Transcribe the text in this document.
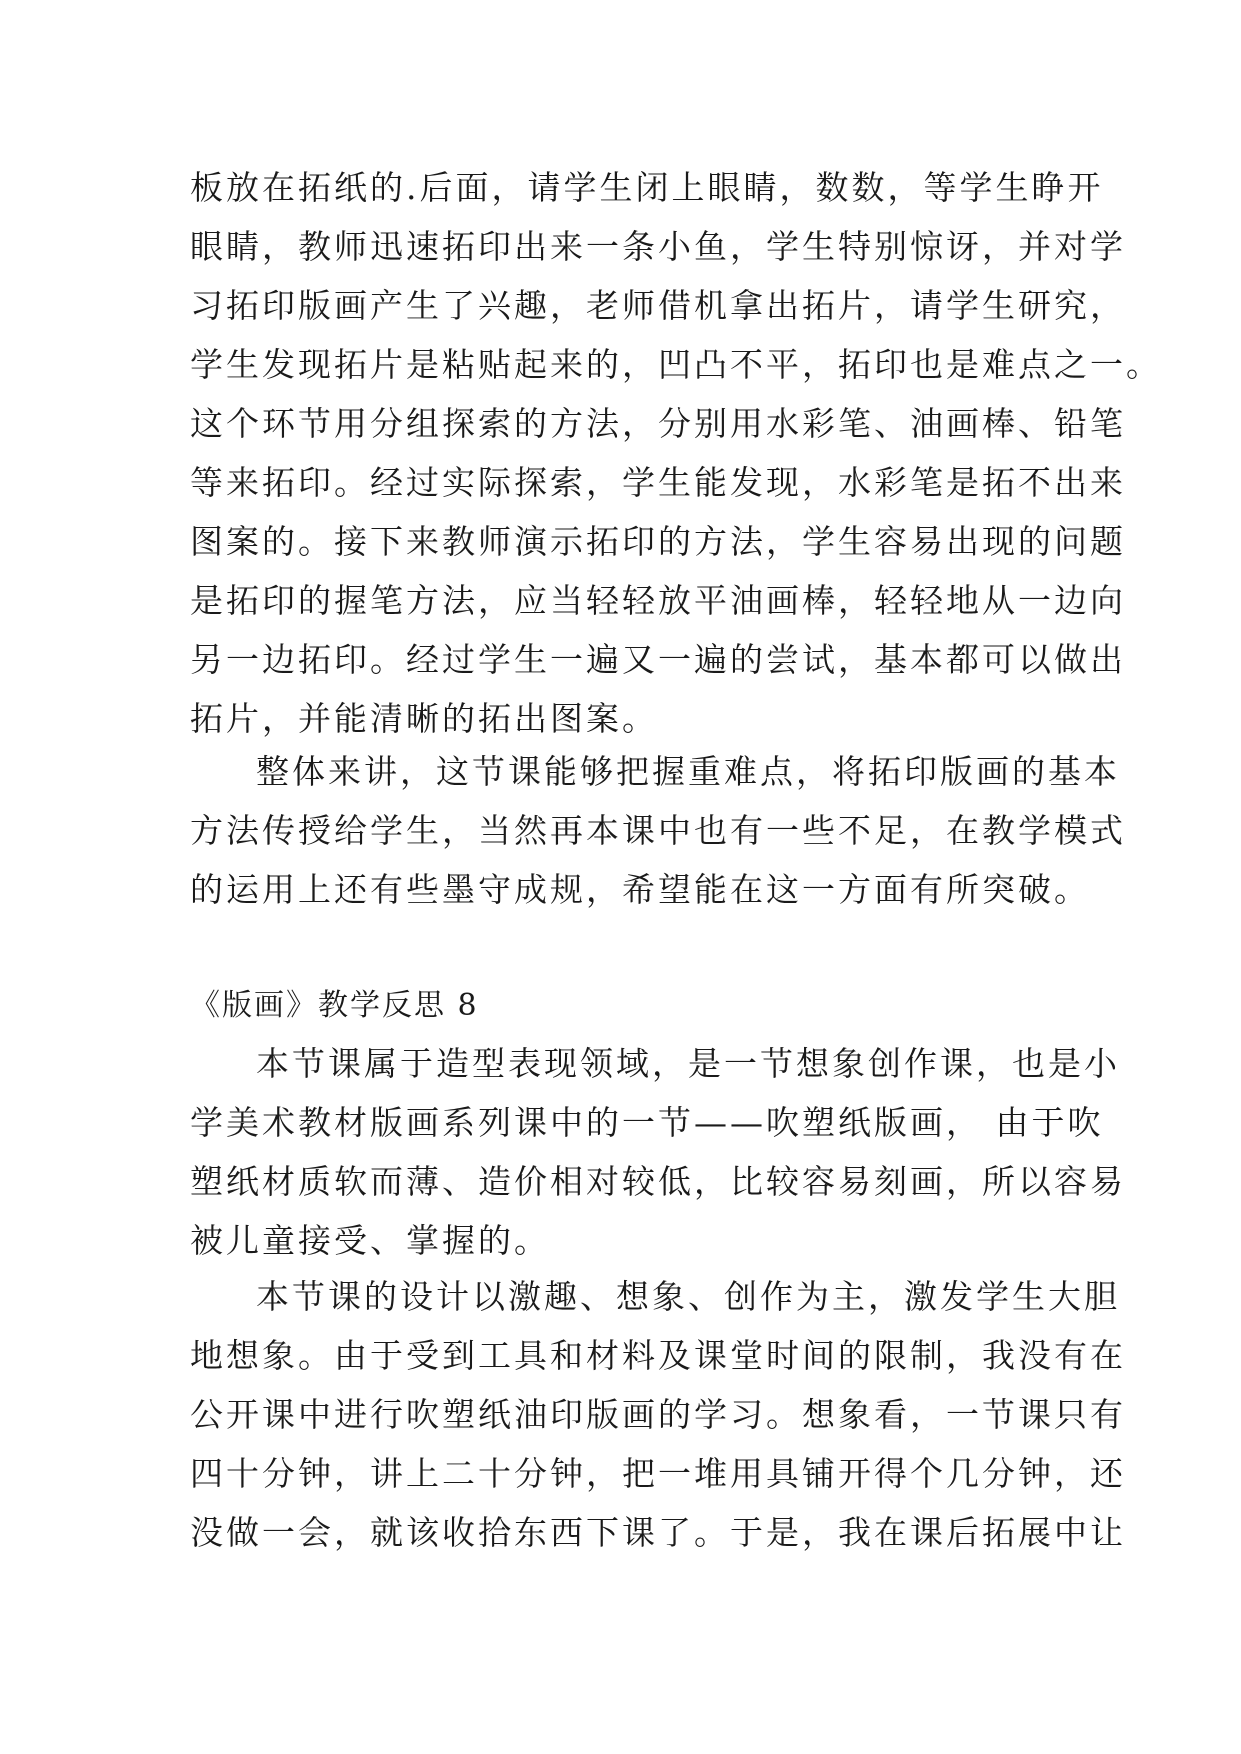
板放在拓纸的.后面，请学生闭上眼睛，数数，等学生睁开
眼睛，教师迅速拓印出来一条小鱼，学生特别惊讶，并对学
习拓印版画产生了兴趣，老师借机拿出拓片，请学生研究，
学生发现拓片是粘贴起来的，凹凸不平，拓印也是难点之一。
这个环节用分组探索的方法，分别用水彩笔、油画棒、铅笔
等来拓印。经过实际探索，学生能发现，水彩笔是拓不出来
图案的。接下来教师演示拓印的方法，学生容易出现的问题
是拓印的握笔方法，应当轻轻放平油画棒，轻轻地从一边向
另一边拓印。经过学生一遍又一遍的尝试，基本都可以做出
拓片，并能清晰的拓出图案。
整体来讲，这节课能够把握重难点，将拓印版画的基本
方法传授给学生，当然再本课中也有一些不足，在教学模式
的运用上还有些墨守成规，希望能在这一方面有所突破。
《版画》教学反思 8
本节课属于造型表现领域，是一节想象创作课，也是小
学美术教材版画系列课中的一节——吹塑纸版画， 由于吹
塑纸材质软而薄、造价相对较低，比较容易刻画，所以容易
被儿童接受、掌握的。
本节课的设计以激趣、想象、创作为主，激发学生大胆
地想象。由于受到工具和材料及课堂时间的限制，我没有在
公开课中进行吹塑纸油印版画的学习。想象看，一节课只有
四十分钟，讲上二十分钟，把一堆用具铺开得个几分钟，还
没做一会，就该收拾东西下课了。于是，我在课后拓展中让
